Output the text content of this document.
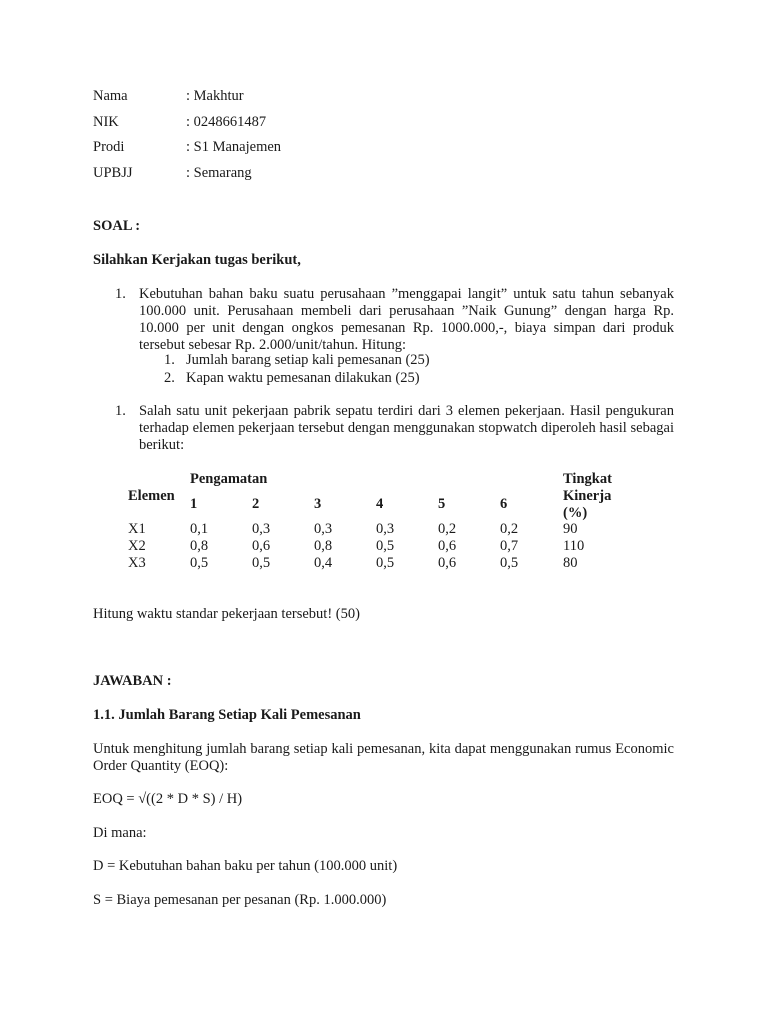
Nama	: Makhtur
NIK	: 0248661487
Prodi	: S1 Manajemen
UPBJJ	: Semarang
SOAL :
Silahkan Kerjakan tugas berikut,
1. Kebutuhan bahan baku suatu perusahaan ”menggapai langit” untuk satu tahun sebanyak 100.000 unit. Perusahaan membeli dari perusahaan ”Naik Gunung” dengan harga Rp. 10.000 per unit dengan ongkos pemesanan Rp. 1000.000,-, biaya simpan dari produk tersebut sebesar Rp. 2.000/unit/tahun. Hitung:
1. Jumlah barang setiap kali pemesanan (25)
2. Kapan waktu pemesanan dilakukan (25)
1. Salah satu unit pekerjaan pabrik sepatu terdiri dari 3 elemen pekerjaan. Hasil pengukuran terhadap elemen pekerjaan tersebut dengan menggunakan stopwatch diperoleh hasil sebagai berikut:
Pengamatan
Elemen
Tingkat
Kinerja
(%)
1	2	3	4	5	6
X1	0,1	0,3	0,3	0,3	0,2	0,2	90
X2	0,8	0,6	0,8	0,5	0,6	0,7	110
X3	0,5	0,5	0,4	0,5	0,6	0,5	80
Hitung waktu standar pekerjaan tersebut! (50)
JAWABAN :
1.1. Jumlah Barang Setiap Kali Pemesanan
Untuk menghitung jumlah barang setiap kali pemesanan, kita dapat menggunakan rumus Economic Order Quantity (EOQ):
EOQ = √((2 * D * S) / H)
Di mana:
D = Kebutuhan bahan baku per tahun (100.000 unit)
S = Biaya pemesanan per pesanan (Rp. 1.000.000)
